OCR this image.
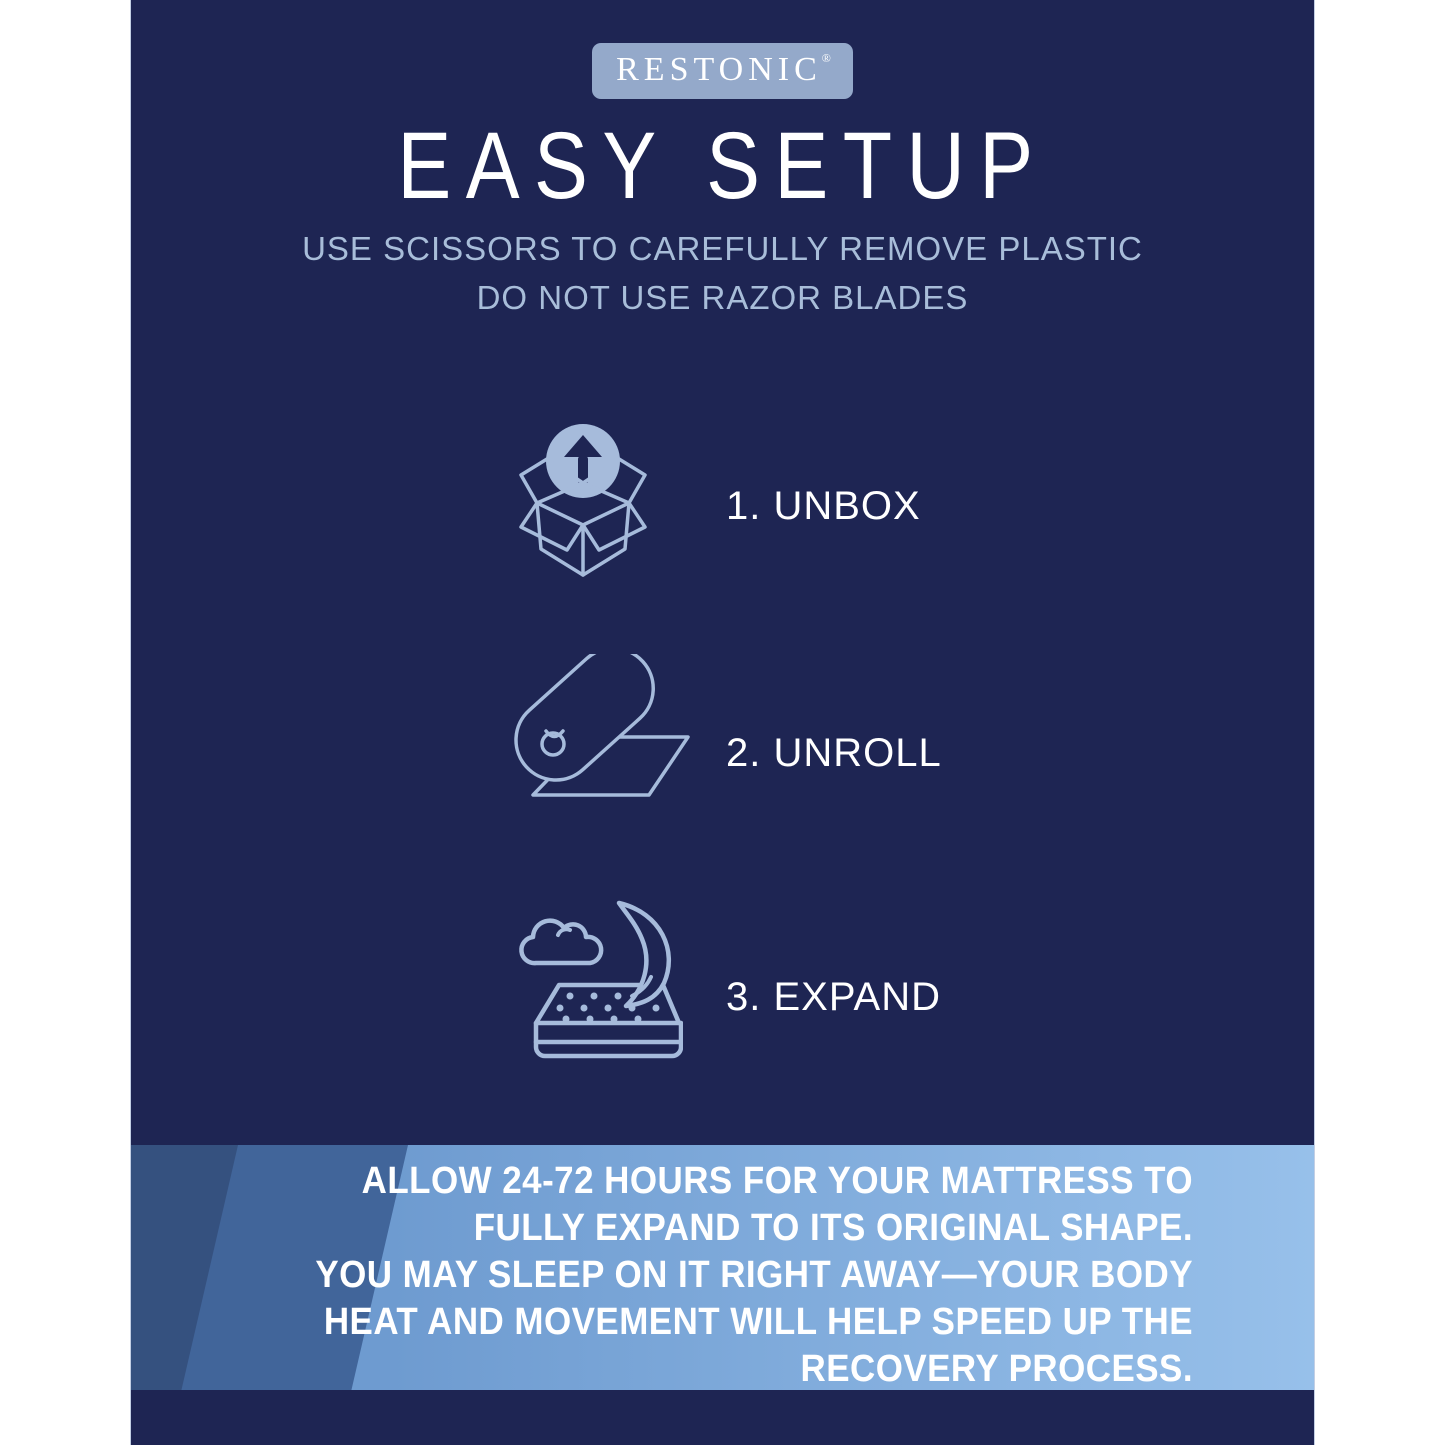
RESTONIC®
EASY SETUP
USE SCISSORS TO CAREFULLY REMOVE PLASTIC
DO NOT USE RAZOR BLADES
1. UNBOX
2. UNROLL
3. EXPAND
ALLOW 24-72 HOURS FOR YOUR MATTRESS TO
FULLY EXPAND TO ITS ORIGINAL SHAPE.
YOU MAY SLEEP ON IT RIGHT AWAY—YOUR BODY
HEAT AND MOVEMENT WILL HELP SPEED UP THE
RECOVERY PROCESS.
